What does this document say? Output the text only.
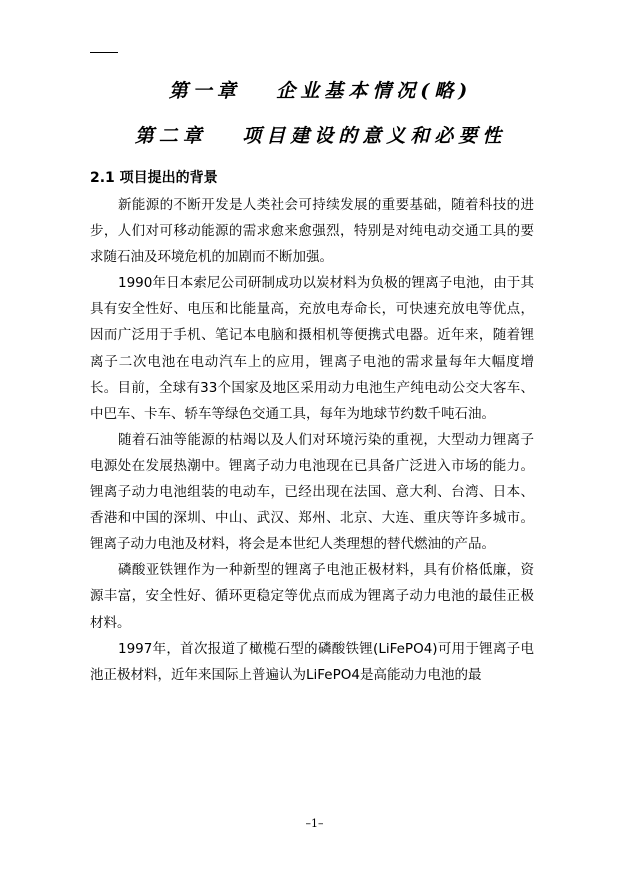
第一章　 企业基本情况(略)
第二章　 项目建设的意义和必要性
2.1 项目提出的背景

新能源的不断开发是人类社会可持续发展的重要基础，随着科技的进步，人们对可移动能源的需求愈来愈强烈，特别是对纯电动交通工具的要求随石油及环境危机的加剧而不断加强。

1990年日本索尼公司研制成功以炭材料为负极的锂离子电池，由于其具有安全性好、电压和比能量高，充放电寿命长，可快速充放电等优点，因而广泛用于手机、笔记本电脑和摄相机等便携式电器。近年来，随着锂离子二次电池在电动汽车上的应用，锂离子电池的需求量每年大幅度增长。目前，全球有33个国家及地区采用动力电池生产纯电动公交大客车、中巴车、卡车、轿车等绿色交通工具，每年为地球节约数千吨石油。

随着石油等能源的枯竭以及人们对环境污染的重视，大型动力锂离子电源处在发展热潮中。锂离子动力电池现在已具备广泛进入市场的能力。锂离子动力电池组装的电动车，已经出现在法国、意大利、台湾、日本、香港和中国的深圳、中山、武汉、郑州、北京、大连、重庆等许多城市。锂离子动力电池及材料，将会是本世纪人类理想的替代燃油的产品。

磷酸亚铁锂作为一种新型的锂离子电池正极材料，具有价格低廉，资源丰富，安全性好、循环更稳定等优点而成为锂离子动力电池的最佳正极材料。

1997年，首次报道了橄榄石型的磷酸铁锂(LiFePO4)可用于锂离子电池正极材料，近年来国际上普遍认为LiFePO4是高能动力电池的最

–1–
